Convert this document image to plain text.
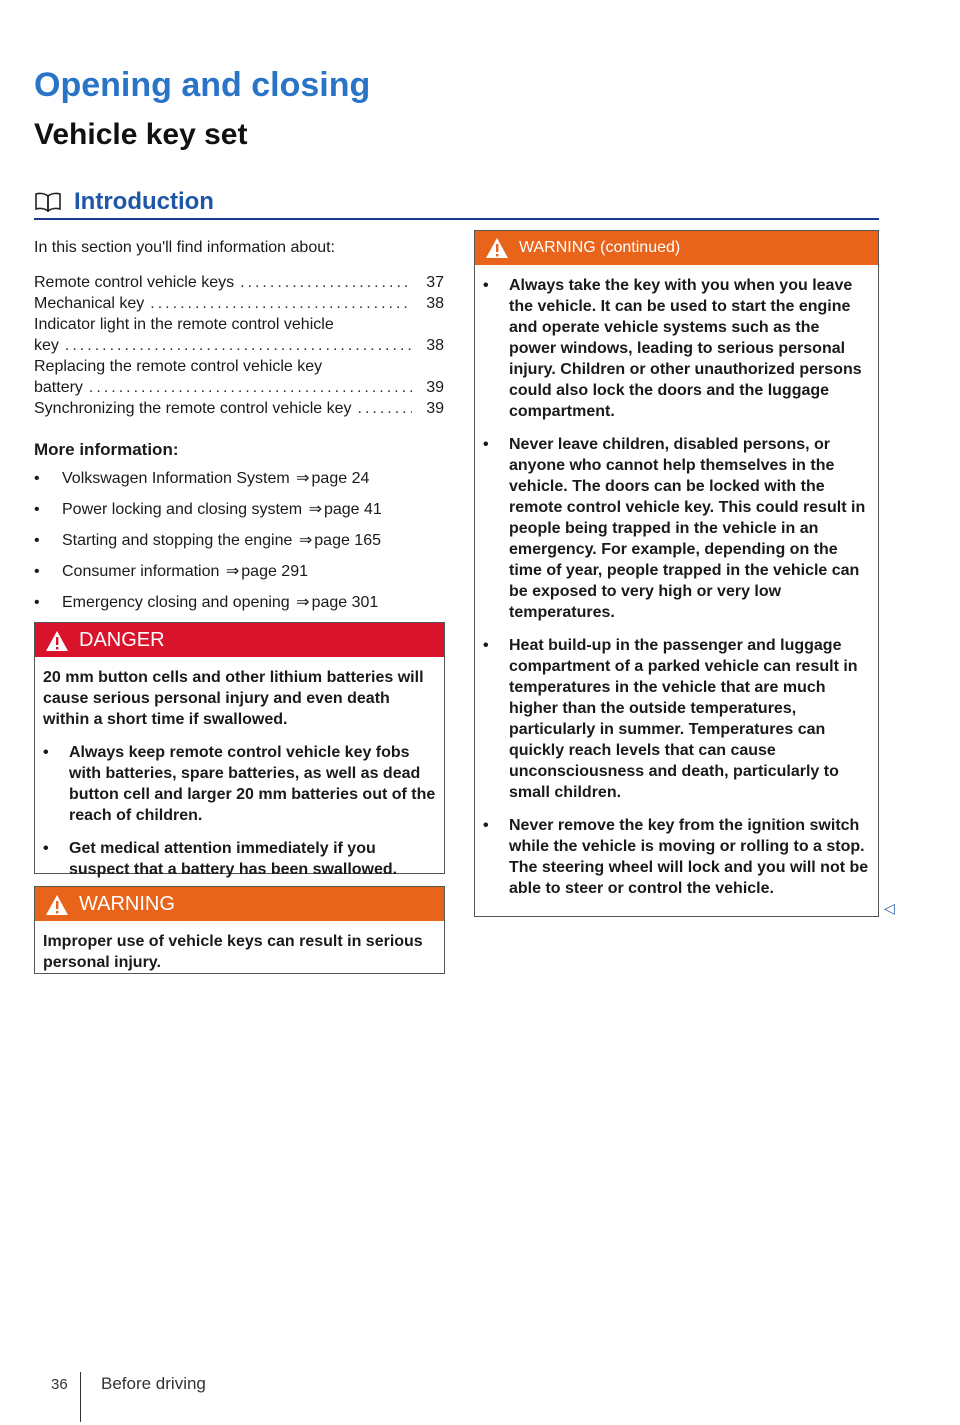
Opening and closing
Vehicle key set
Introduction

In this section you'll find information about:

Remote control vehicle keys .....	37
Mechanical key .....	38
Indicator light in the remote control vehicle
key .....	38
Replacing the remote control vehicle key
battery .....	39
Synchronizing the remote control vehicle key .....	39
More information:
• Volkswagen Information System ⇒ page 24
• Power locking and closing system ⇒ page 41
• Starting and stopping the engine ⇒ page 165
• Consumer information ⇒ page 291
• Emergency closing and opening ⇒ page 301
DANGER

20 mm button cells and other lithium batteries will cause serious personal injury and even death within a short time if swallowed.

• Always keep remote control vehicle key fobs with batteries, spare batteries, as well as dead button cell and larger 20 mm batteries out of the reach of children.
• Get medical attention immediately if you suspect that a battery has been swallowed.
WARNING

Improper use of vehicle keys can result in serious personal injury.

WARNING (continued)
• Always take the key with you when you leave the vehicle. It can be used to start the engine and operate vehicle systems such as the power windows, leading to serious personal injury. Children or other unauthorized persons could also lock the doors and the luggage compartment.
• Never leave children, disabled persons, or anyone who cannot help themselves in the vehicle. The doors can be locked with the remote control vehicle key. This could result in people being trapped in the vehicle in an emergency. For example, depending on the time of year, people trapped in the vehicle can be exposed to very high or very low temperatures.
• Heat build-up in the passenger and luggage compartment of a parked vehicle can result in temperatures in the vehicle that are much higher than the outside temperatures, particularly in summer. Temperatures can quickly reach levels that can cause unconsciousness and death, particularly to small children.
• Never remove the key from the ignition switch while the vehicle is moving or rolling to a stop. The steering wheel will lock and you will not be able to steer or control the vehicle.
◁
36 Before driving
